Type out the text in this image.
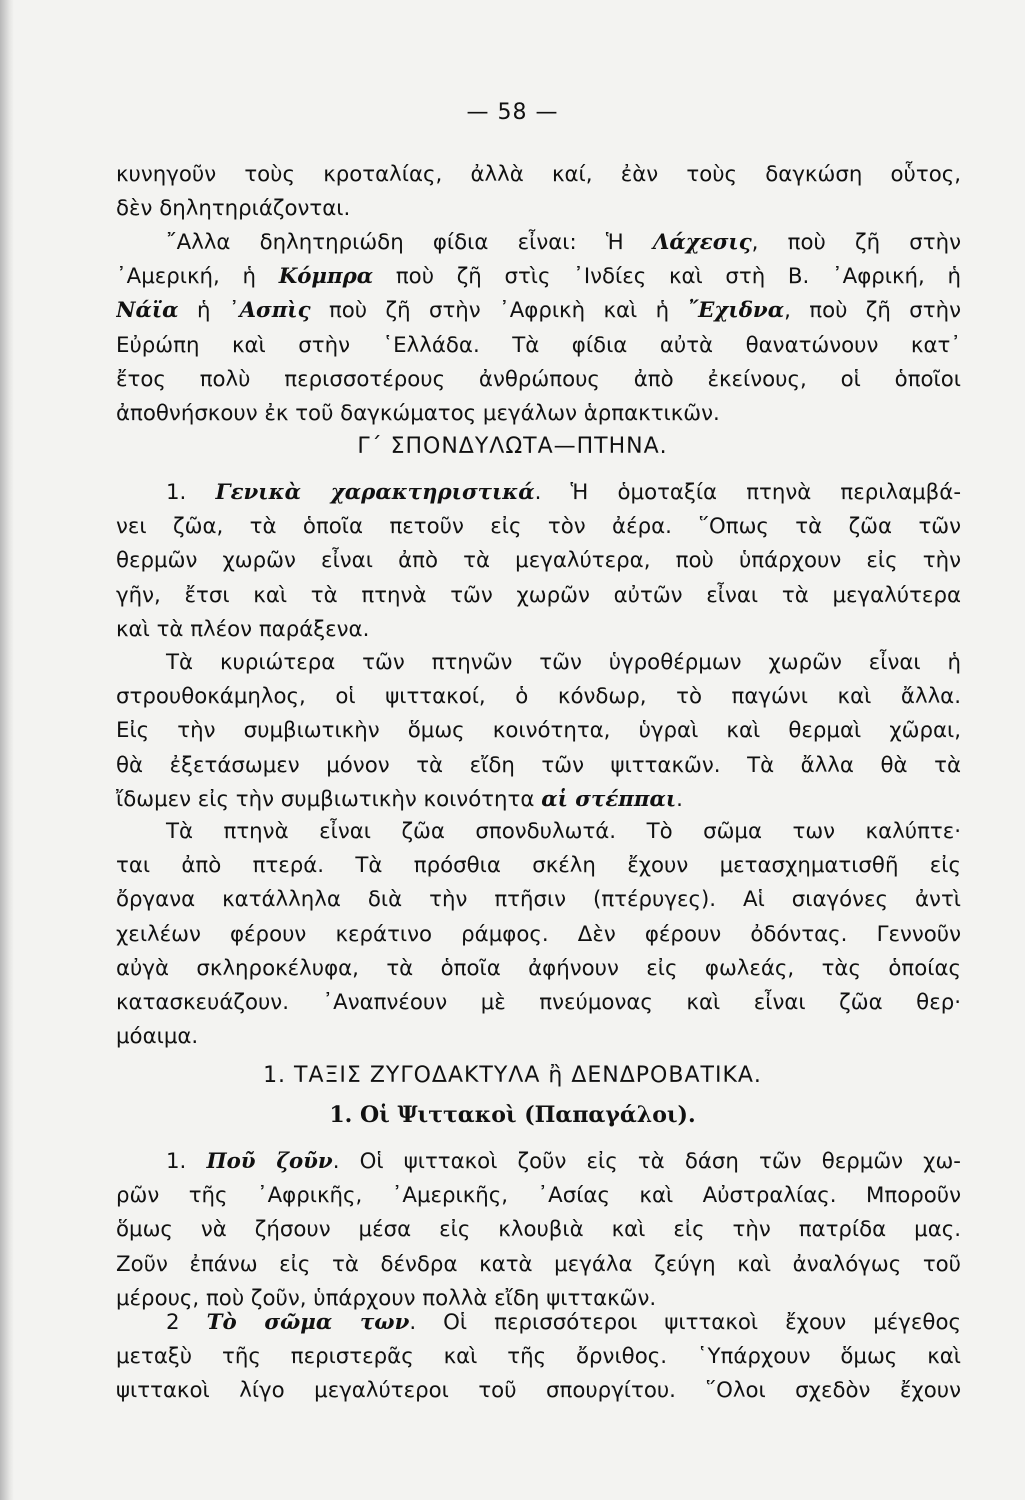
— 58 —
κυνηγοῦν τοὺς κροταλίας, ἀλλὰ καί, ἐὰν τοὺς δαγκώση οὗτος,
δὲν δηλητηριάζονται.
῎Αλλα δηλητηριώδη φίδια εἶναι: Ἡ Λάχεσις, ποὺ ζῆ στὴν
᾿Αμερική, ἡ Κόμπρα ποὺ ζῆ στὶς ᾿Ινδίες καὶ στὴ Β. ᾿Αφρική, ἡ
Νάϊα ἡ ᾿Ασπὶς ποὺ ζῆ στὴν ᾿Αφρικὴ καὶ ἡ ῎Εχιδνα, ποὺ ζῆ στὴν
Εὐρώπη καὶ στὴν ῾Ελλάδα. Τὰ φίδια αὐτὰ θανατώνουν κατ᾿
ἔτος πολὺ περισσοτέρους ἀνθρώπους ἀπὸ ἐκείνους, οἱ ὁποῖοι
ἀποθνήσκουν ἐκ τοῦ δαγκώματος μεγάλων ἁρπακτικῶν.
Γ΄ ΣΠΟΝΔΥΛΩΤΑ—ΠΤΗΝΑ.
1. Γενικὰ χαρακτηριστικά. Ἡ ὁμοταξία πτηνὰ περιλαμβά-
νει ζῶα, τὰ ὁποῖα πετοῦν εἰς τὸν ἀέρα. ῞Οπως τὰ ζῶα τῶν
θερμῶν χωρῶν εἶναι ἀπὸ τὰ μεγαλύτερα, ποὺ ὑπάρχουν εἰς τὴν
γῆν, ἔτσι καὶ τὰ πτηνὰ τῶν χωρῶν αὐτῶν εἶναι τὰ μεγαλύτερα
καὶ τὰ πλέον παράξενα.
Τὰ κυριώτερα τῶν πτηνῶν τῶν ὑγροθέρμων χωρῶν εἶναι ἡ
στρουθοκάμηλος, οἱ ψιττακοί, ὁ κόνδωρ, τὸ παγώνι καὶ ἄλλα.
Εἰς τὴν συμβιωτικὴν ὅμως κοινότητα, ὑγραὶ καὶ θερμαὶ χῶραι,
θὰ ἐξετάσωμεν μόνον τὰ εἴδη τῶν ψιττακῶν. Τὰ ἄλλα θὰ τὰ
ἴδωμεν εἰς τὴν συμβιωτικὴν κοινότητα αἱ στέππαι.
Τὰ πτηνὰ εἶναι ζῶα σπονδυλωτά. Τὸ σῶμα των καλύπτε·
ται ἀπὸ πτερά. Τὰ πρόσθια σκέλη ἔχουν μετασχηματισθῆ εἰς
ὄργανα κατάλληλα διὰ τὴν πτῆσιν (πτέρυγες). Αἱ σιαγόνες ἀντὶ
χειλέων φέρουν κεράτινο ράμφος. Δὲν φέρουν ὀδόντας. Γεννοῦν
αὐγὰ σκληροκέλυφα, τὰ ὁποῖα ἀφήνουν εἰς φωλεάς, τὰς ὁποίας
κατασκευάζουν. ᾿Αναπνέουν μὲ πνεύμονας καὶ εἶναι ζῶα θερ·
μόαιμα.
1. ΤΑΞΙΣ ΖΥΓΟΔΑΚΤΥΛΑ ἢ ΔΕΝΔΡΟΒΑΤΙΚΑ.
1. Οἱ Ψιττακοὶ (Παπαγάλοι).
1. Ποῦ ζοῦν. Οἱ ψιττακοὶ ζοῦν εἰς τὰ δάση τῶν θερμῶν χω-
ρῶν τῆς ᾿Αφρικῆς, ᾿Αμερικῆς, ᾿Ασίας καὶ Αὐστραλίας. Μποροῦν
ὅμως νὰ ζήσουν μέσα εἰς κλουβιὰ καὶ εἰς τὴν πατρίδα μας.
Ζοῦν ἐπάνω εἰς τὰ δένδρα κατὰ μεγάλα ζεύγη καὶ ἀναλόγως τοῦ
μέρους, ποὺ ζοῦν, ὑπάρχουν πολλὰ εἴδη ψιττακῶν.
2 Τὸ σῶμα των. Οἱ περισσότεροι ψιττακοὶ ἔχουν μέγεθος
μεταξὺ τῆς περιστερᾶς καὶ τῆς ὄρνιθος. ῾Υπάρχουν ὅμως καὶ
ψιττακοὶ λίγο μεγαλύτεροι τοῦ σπουργίτου. ῞Ολοι σχεδὸν ἔχουν
